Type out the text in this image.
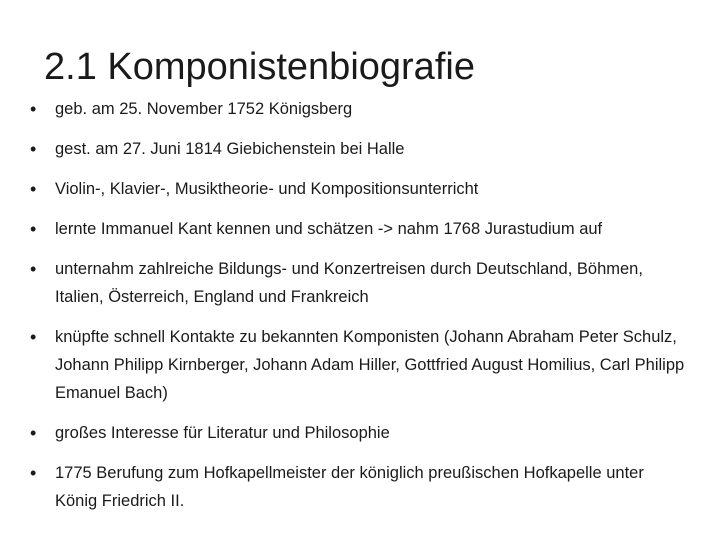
2.1 Komponistenbiografie
•	geb. am 25. November 1752 Königsberg
•	gest. am 27. Juni 1814 Giebichenstein bei Halle
•	Violin-, Klavier-, Musiktheorie- und Kompositionsunterricht
•	lernte Immanuel Kant kennen und schätzen -> nahm 1768 Jurastudium auf
•	unternahm zahlreiche Bildungs- und Konzertreisen durch Deutschland, Böhmen, Italien, Österreich, England und Frankreich
•	knüpfte schnell Kontakte zu bekannten Komponisten (Johann Abraham Peter Schulz, Johann Philipp Kirnberger, Johann Adam Hiller, Gottfried August Homilius, Carl Philipp Emanuel Bach)
•	großes Interesse für Literatur und Philosophie
•	1775 Berufung zum Hofkapellmeister der königlich preußischen Hofkapelle unter König Friedrich II.
